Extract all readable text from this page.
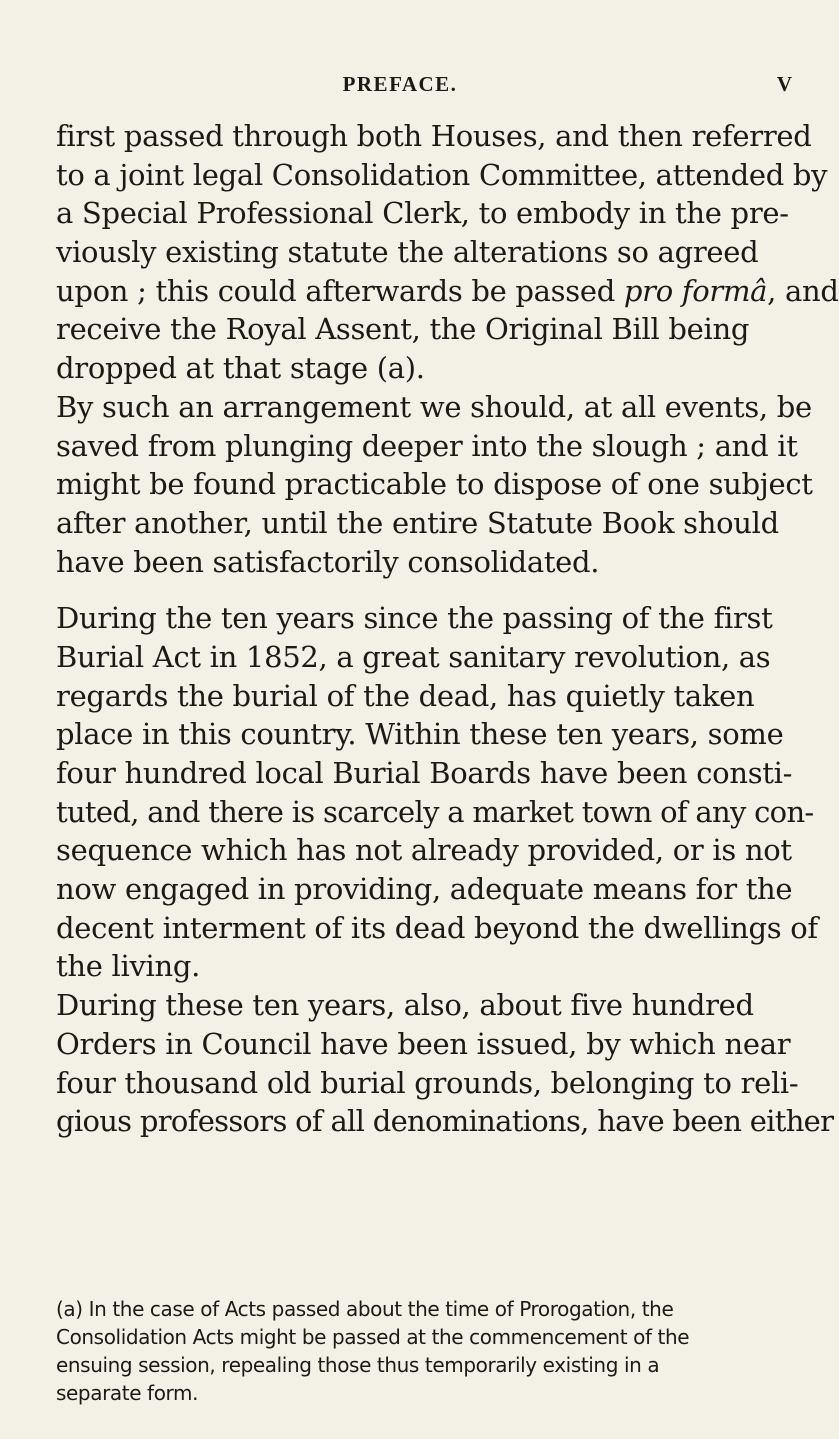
PREFACE.	V
first passed through both Houses, and then referred
to a joint legal Consolidation Committee, attended by
a Special Professional Clerk, to embody in the pre-
viously existing statute the alterations so agreed
upon ; this could afterwards be passed pro formâ, and
receive the Royal Assent, the Original Bill being
dropped at that stage (a).
By such an arrangement we should, at all events, be
saved from plunging deeper into the slough ; and it
might be found practicable to dispose of one subject
after another, until the entire Statute Book should
have been satisfactorily consolidated.
During the ten years since the passing of the first
Burial Act in 1852, a great sanitary revolution, as
regards the burial of the dead, has quietly taken
place in this country. Within these ten years, some
four hundred local Burial Boards have been consti-
tuted, and there is scarcely a market town of any con-
sequence which has not already provided, or is not
now engaged in providing, adequate means for the
decent interment of its dead beyond the dwellings of
the living.
During these ten years, also, about five hundred
Orders in Council have been issued, by which near
four thousand old burial grounds, belonging to reli-
gious professors of all denominations, have been either
(a) In the case of Acts passed about the time of Prorogation, the
Consolidation Acts might be passed at the commencement of the
ensuing session, repealing those thus temporarily existing in a
separate form.
